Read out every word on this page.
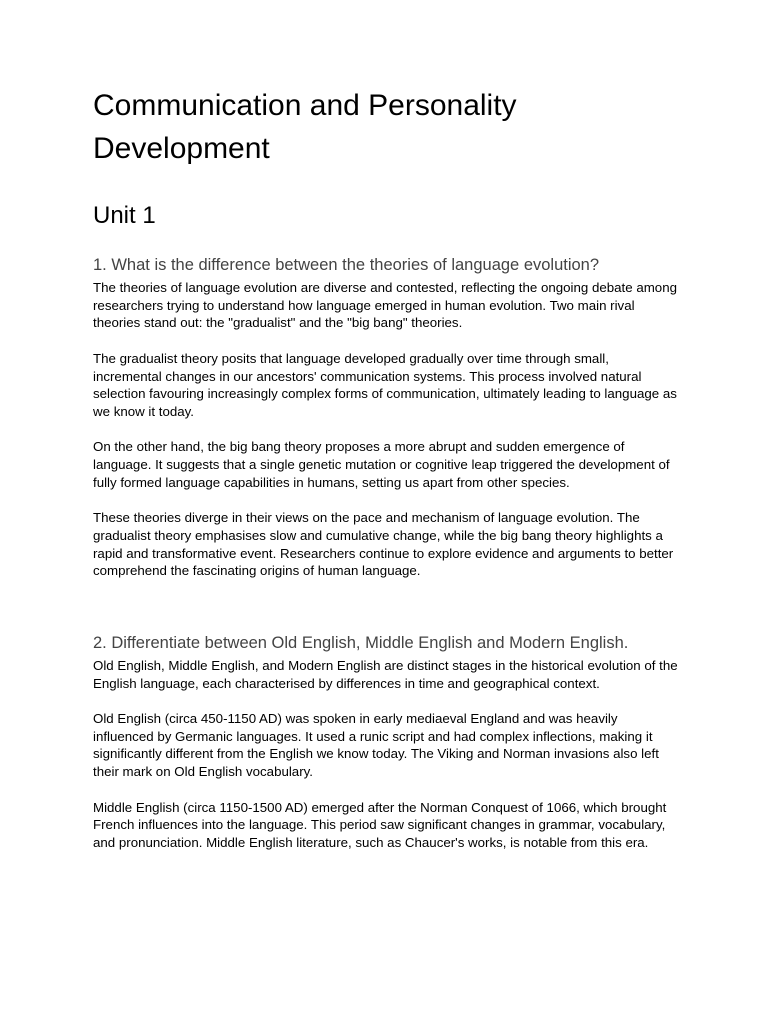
Communication and Personality Development
Unit 1
1. What is the difference between the theories of language evolution?

The theories of language evolution are diverse and contested, reflecting the ongoing debate among researchers trying to understand how language emerged in human evolution. Two main rival theories stand out: the "gradualist" and the "big bang" theories.

The gradualist theory posits that language developed gradually over time through small, incremental changes in our ancestors' communication systems. This process involved natural selection favouring increasingly complex forms of communication, ultimately leading to language as we know it today.

On the other hand, the big bang theory proposes a more abrupt and sudden emergence of language. It suggests that a single genetic mutation or cognitive leap triggered the development of fully formed language capabilities in humans, setting us apart from other species.

These theories diverge in their views on the pace and mechanism of language evolution. The gradualist theory emphasises slow and cumulative change, while the big bang theory highlights a rapid and transformative event. Researchers continue to explore evidence and arguments to better comprehend the fascinating origins of human language.

2. Differentiate between Old English, Middle English and Modern English.

Old English, Middle English, and Modern English are distinct stages in the historical evolution of the English language, each characterised by differences in time and geographical context.

Old English (circa 450-1150 AD) was spoken in early mediaeval England and was heavily influenced by Germanic languages. It used a runic script and had complex inflections, making it significantly different from the English we know today. The Viking and Norman invasions also left their mark on Old English vocabulary.

Middle English (circa 1150-1500 AD) emerged after the Norman Conquest of 1066, which brought French influences into the language. This period saw significant changes in grammar, vocabulary, and pronunciation. Middle English literature, such as Chaucer's works, is notable from this era.
